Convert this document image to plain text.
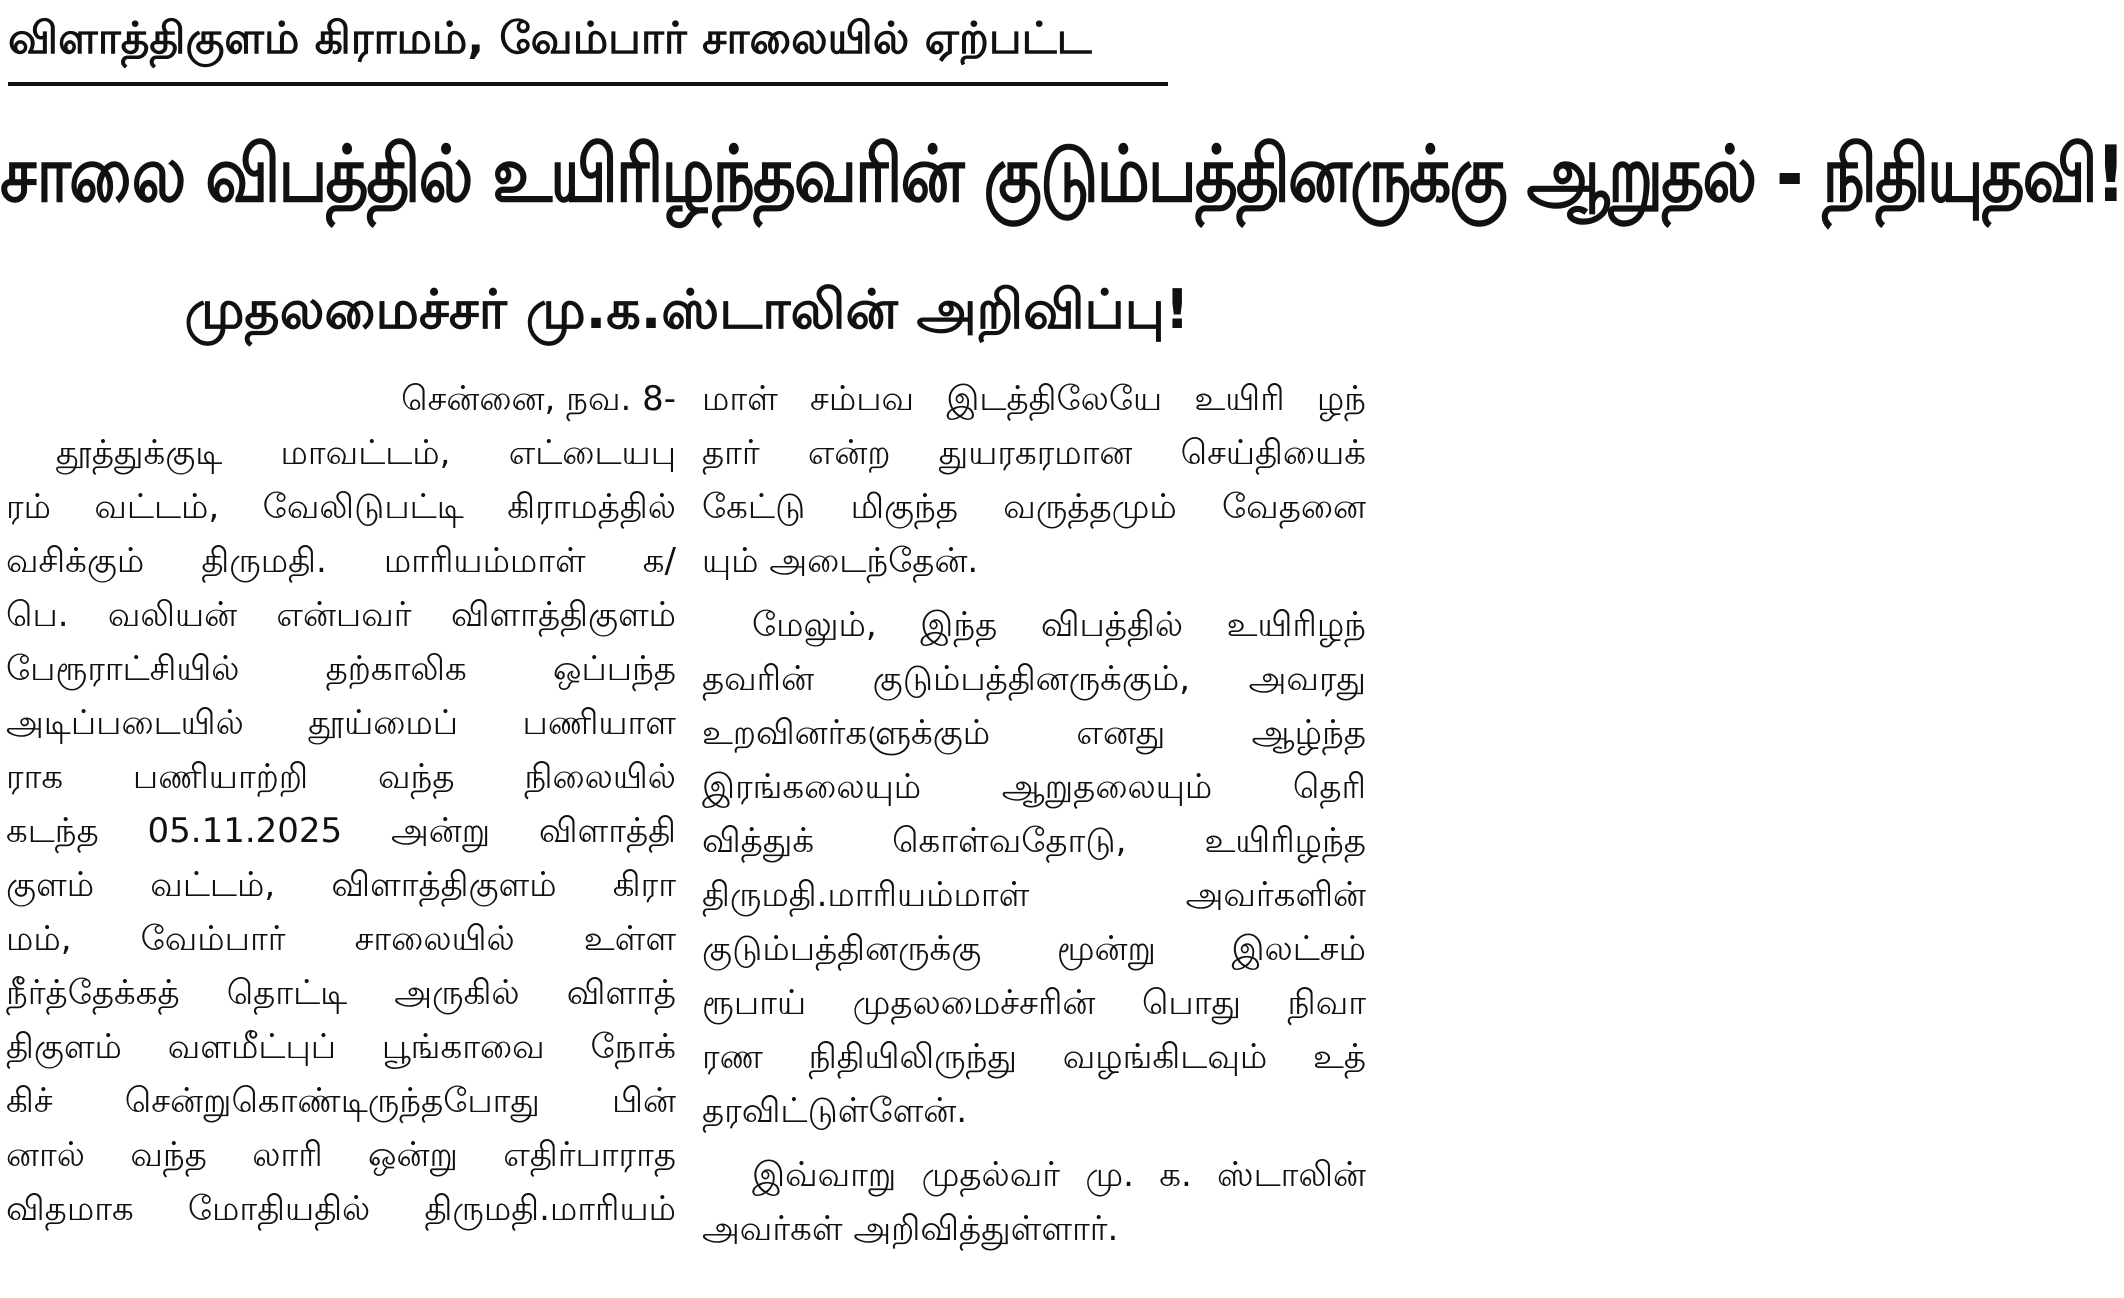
விளாத்திகுளம் கிராமம், வேம்பார் சாலையில் ஏற்பட்ட
சாலை விபத்தில் உயிரிழந்தவரின் குடும்பத்தினருக்கு ஆறுதல் - நிதியுதவி!
முதலமைச்சர் மு.க.ஸ்டாலின் அறிவிப்பு!
சென்னை, நவ. 8-
தூத்துக்குடி மாவட்டம், எட்டையபு
ரம் வட்டம், வேலிடுபட்டி கிராமத்தில்
வசிக்கும் திருமதி. மாரியம்மாள் க/
பெ. வலியன் என்பவர் விளாத்திகுளம்
பேரூராட்சியில் தற்காலிக ஒப்பந்த
அடிப்படையில் தூய்மைப் பணியாள
ராக பணியாற்றி வந்த நிலையில்
கடந்த 05.11.2025 அன்று விளாத்தி
குளம் வட்டம், விளாத்திகுளம் கிரா
மம், வேம்பார் சாலையில் உள்ள
நீர்த்தேக்கத் தொட்டி அருகில் விளாத்
திகுளம் வளமீட்புப் பூங்காவை நோக்
கிச் சென்றுகொண்டிருந்தபோது பின்
னால் வந்த லாரி ஒன்று எதிர்பாராத
விதமாக மோதியதில் திருமதி.மாரியம்
மாள் சம்பவ இடத்திலேயே உயிரி ழந்
தார் என்ற துயரகரமான செய்தியைக்
கேட்டு மிகுந்த வருத்தமும் வேதனை
யும் அடைந்தேன்.
மேலும், இந்த விபத்தில் உயிரிழந்
தவரின் குடும்பத்தினருக்கும், அவரது
உறவினர்களுக்கும் எனது ஆழ்ந்த
இரங்கலையும் ஆறுதலையும் தெரி
வித்துக் கொள்வதோடு, உயிரிழந்த
திருமதி.மாரியம்மாள் அவர்களின்
குடும்பத்தினருக்கு மூன்று இலட்சம்
ரூபாய் முதலமைச்சரின் பொது நிவா
ரண நிதியிலிருந்து வழங்கிடவும் உத்
தரவிட்டுள்ளேன்.
இவ்வாறு முதல்வர் மு. க. ஸ்டாலின்
அவர்கள் அறிவித்துள்ளார்.
